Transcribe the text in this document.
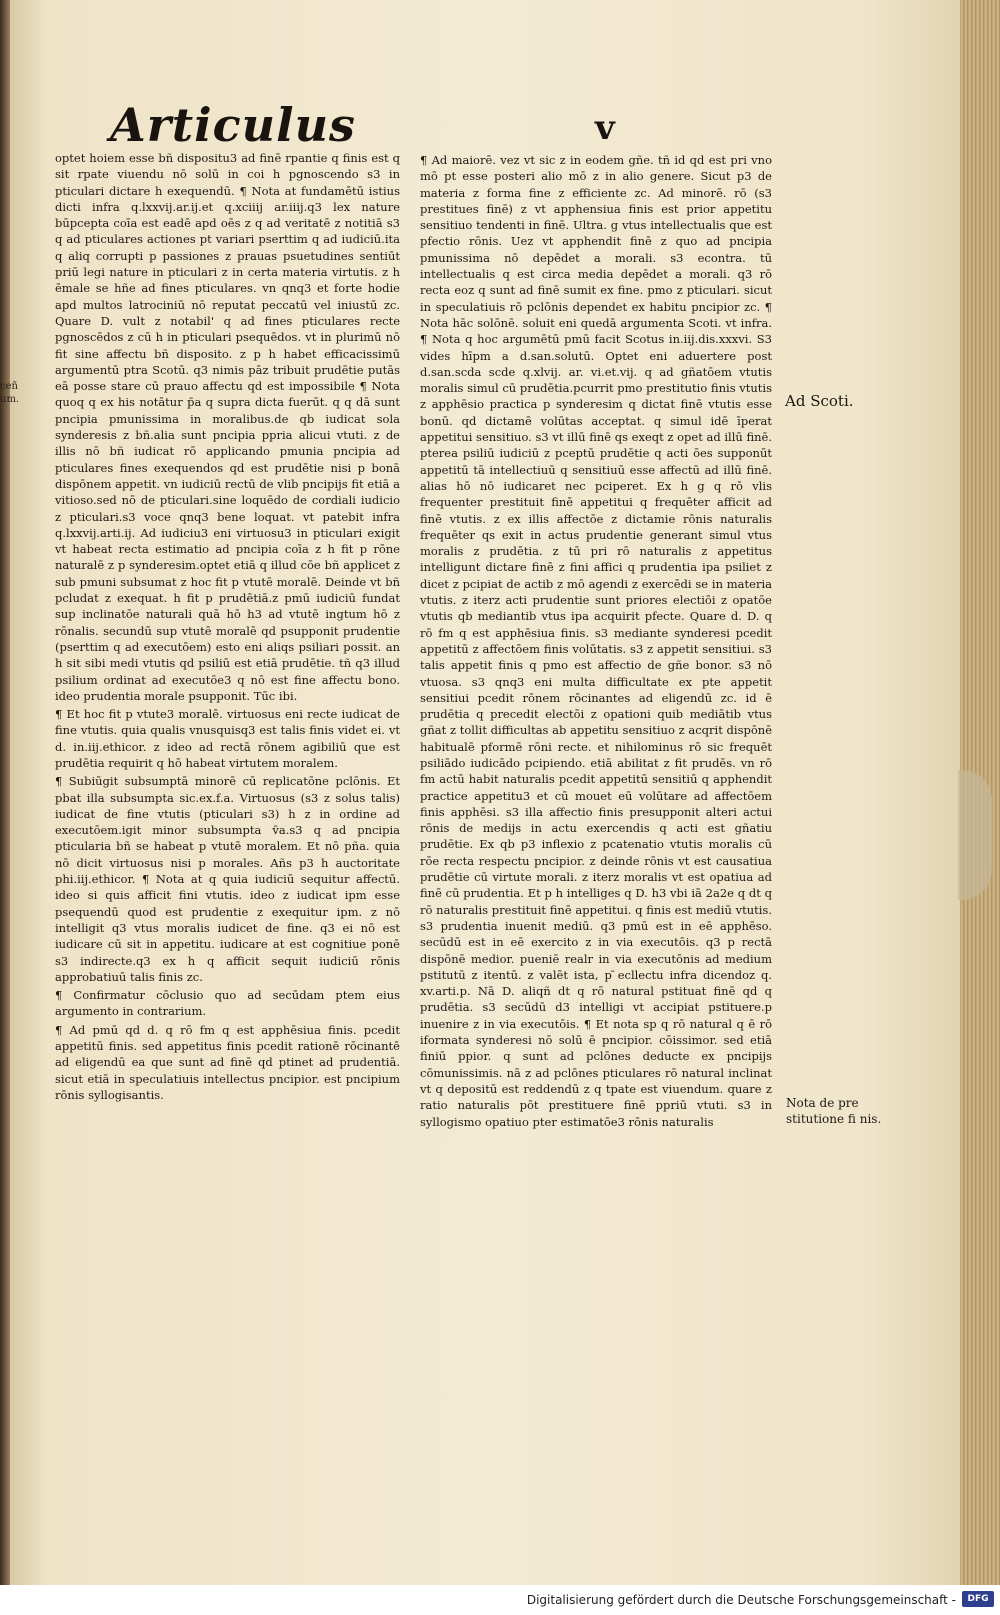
ceñ
um.
Articulus	v

optet hoiem esse bñ dispositu3 ad finē rpantie q finis est q sit rpate viuendu nō solū in coi h pgnoscendo s3 in pticulari dictare h exequendū. ¶ Nota at fundamētū istius dicti infra q.lxxvij.ar.ij.et q.xciiij ar.iiij.q3 lex nature būpcepta coīa est eadē apd oēs z q ad veritatē z notitiā s3 q ad pticulares actiones pt variari pserttim q ad iudiciū.ita q aliq corrupti p passiones z prauas psuetudines sentiūt priū legi nature in pticulari z in certa materia virtutis. z h ēmale se hñe ad fines pticulares. vn qnq3 et forte hodie apd multos latrociniū nō reputat peccatū vel iniustū zc. Quare D. vult z notabil' q ad fines pticulares recte pgnoscēdos z cū h in pticulari psequēdos. vt in plurimū nō fit sine affectu bñ disposito. z p h habet efficacissimū argumentū ptra Scotū. q3 nimis pāz tribuit prudētie putās eā posse stare cū prauo affectu qd est impossibile ¶ Nota quoq q ex his notātur p̄a q supra dicta fuerūt. q q dā sunt pncipia pmunissima in moralibus.de qb iudicat sola synderesis z bñ.alia sunt pncipia ppria alicui vtuti. z de illis nō bñ iudicat rō applicando pmunia pncipia ad pticulares fines exequendos qd est prudētie nisi p bonā dispōnem appetit. vn iudiciū rectū de vlib pncipijs fit etiā a vitioso.sed nō de pticulari.sine loquēdo de cordiali iudicio z pticulari.s3 voce qnq3 bene loquat. vt patebit infra q.lxxvij.arti.ij. Ad iudiciu3 eni virtuosu3 in pticulari exigit vt habeat recta estimatio ad pncipia coīa z h fit p rōne naturalē z p synderesim.optet etiā q illud cōe bñ applicet z sub pmuni subsumat z hoc fit p vtutē moralē. Deinde vt bñ pcludat z exequat. h fit p prudētiā.z pmū iudiciū fundat sup inclinatōe naturali quā hō h3 ad vtutē ingtum hō z rōnalis. secundū sup vtutē moralē qd psupponit prudentie (pserttim q ad executōem) esto eni aliqs psiliari possit. an h sit sibi medi vtutis qd psiliū est etiā prudētie. tñ q3 illud psilium ordinat ad executōe3 q nō est fine affectu bono. ideo prudentia morale psupponit. Tūc ibi.

¶ Et hoc fit p vtute3 moralē. virtuosus eni recte iudicat de fine vtutis. quia qualis vnusquisq3 est talis finis videt ei. vt d. in.iij.ethicor. z ideo ad rectā rōnem agibiliū que est prudētia requirit q hō habeat virtutem moralem.

¶ Subiūgit subsumptā minorē cū replicatōne pclōnis. Et pbat illa subsumpta sic.ex.f.a. Virtuosus (s3 z solus talis) iudicat de fine vtutis (pticulari s3) h z in ordine ad executōem.igit minor subsumpta v̄a.s3 q ad pncipia pticularia bñ se habeat p vtutē moralem. Et nō pña. quia nō dicit virtuosus nisi p morales. Añs p3 h auctoritate phi.iij.ethicor. ¶ Nota at q quia iudiciū sequitur affectū. ideo si quis afficit fini vtutis. ideo z iudicat ipm esse psequendū quod est prudentie z exequitur ipm. z nō intelligit q3 vtus moralis iudicet de fine. q3 ei nō est iudicare cū sit in appetitu. iudicare at est cognitiue ponē s3 indirecte.q3 ex h q afficit sequit iudiciū rōnis approbatiuū talis finis zc.

¶ Confirmatur cōclusio quo ad secūdam ptem eius argumento in contrarium.

¶ Ad pmū qd d. q rō fm q est apphēsiua finis. pcedit appetitū finis. sed appetitus finis pcedit rationē rōcinantē ad eligendū ea que sunt ad finē qd ptinet ad prudentiā. sicut etiā in speculatiuis intellectus pncipior. est pncipium rōnis syllogisantis.

¶ Ad maiorē. vez vt sic z in eodem gñe. tñ id qd est pri vno mō pt esse posteri alio mō z in alio genere. Sicut p3 de materia z forma fine z efficiente zc. Ad minorē. rō (s3 prestitues finē) z vt apphensiua finis est prior appetitu sensitiuo tendenti in finē. Ultra. g vtus intellectualis que est pfectio rōnis. Uez vt apphendit finē z quo ad pncipia pmunissima nō depēdet a morali. s3 econtra. tū intellectualis q est circa media depēdet a morali. q3 rō recta eoz q sunt ad finē sumit ex fine. pmo z pticulari. sicut in speculatiuis rō pclōnis dependet ex habitu pncipior zc. ¶ Nota hāc solōnē. soluit eni quedā argumenta Scoti. vt infra. ¶ Nota q hoc argumētū pmū facit Scotus in.iij.dis.xxxvi. S3 vides hīpm a d.san.solutū. Optet eni aduertere post d.san.scda scde q.xlvij. ar. vi.et.vij. q ad gñatōem vtutis moralis simul cū prudētia.pcurrit pmo prestitutio finis vtutis z apphēsio practica p synderesim q dictat finē vtutis esse bonū. qd dictamē volūtas acceptat. q simul idē īperat appetitui sensitiuo. s3 vt illū finē qs exeqt z opet ad illū finē. pterea psiliū iudiciū z pceptū prudētie q acti ōes supponūt appetitū tā intellectiuū q sensitiuū esse affectū ad illū finē. alias hō nō iudicaret nec pciperet. Ex h g q rō vlis frequenter prestituit finē appetitui q frequēter afficit ad finē vtutis. z ex illis affectōe z dictamie rōnis naturalis frequēter qs exit in actus prudentie generant simul vtus moralis z prudētia. z tū pri rō naturalis z appetitus intelligunt dictare finē z fini affici q prudentia ipa psiliet z dicet z pcipiat de actib z mō agendi z exercēdi se in materia vtutis. z iterz acti prudentie sunt priores electiōi z opatōe vtutis qb mediantib vtus ipa acquirit pfecte. Quare d. D. q rō fm q est apphēsiua finis. s3 mediante synderesi pcedit appetitū z affectōem finis volūtatis. s3 z appetit sensitiui. s3 talis appetit finis q pmo est affectio de gñe bonor. s3 nō vtuosa. s3 qnq3 eni multa difficultate ex pte appetit sensitiui pcedit rōnem rōcinantes ad eligendū zc. id ē prudētia q precedit electōi z opationi quib mediātib vtus gñat z tollit difficultas ab appetitu sensitiuo z acqrit dispōnē habitualē pformē rōni recte. et nihilominus rō sic frequēt psiliādo iudicādo pcipiendo. etiā abilitat z fit prudēs. vn rō fm actū habit naturalis pcedit appetitū sensitiū q apphendit practice appetitu3 et cū mouet eū volūtare ad affectōem finis apphēsi. s3 illa affectio finis presupponit alteri actui rōnis de medijs in actu exercendis q acti est gñatiu prudētie. Ex qb p3 inflexio z pcatenatio vtutis moralis cū rōe recta respectu pncipior. z deinde rōnis vt est causatiua prudētie cū virtute morali. z iterz moralis vt est opatiua ad finē cū prudentia. Et p h intelliges q D. h3 vbi iā 2a2e q dt q rō naturalis prestituit finē appetitui. q finis est mediū vtutis. s3 prudentia inuenit mediū. q3 pmū est in eē apphēso. secūdū est in eē exercito z in via executōis. q3 p rectā dispōnē medior. pueniē realr in via executōnis ad medium pstitutū z itentū. z valēt ista, p ̄ecllectu infra dicendoz q. xv.arti.p. Nā D. aliqñ dt q rō natural pstituat finē qd q prudētia. s3 secūdū d3 intelligi vt accipiat pstituere.p inuenire z in via executōis. ¶ Et nota sp q rō natural q ē rō iformata synderesi nō solū ē pncipior. cōissimor. sed etiā finiū ppior. q sunt ad pclōnes deducte ex pncipijs cōmunissimis. nā z ad pclōnes pticulares rō natural inclinat vt q depositū est reddendū z q tpate est viuendum. quare z ratio naturalis pōt prestituere finē ppriū vtuti. s3 in syllogismo opatiuo pter estimatōe3 rōnis naturalis

Ad Scoti.
Nota de pre stitutione fi nis.
Digitalisierung gefördert durch die Deutsche Forschungsgemeinschaft -	DFG
